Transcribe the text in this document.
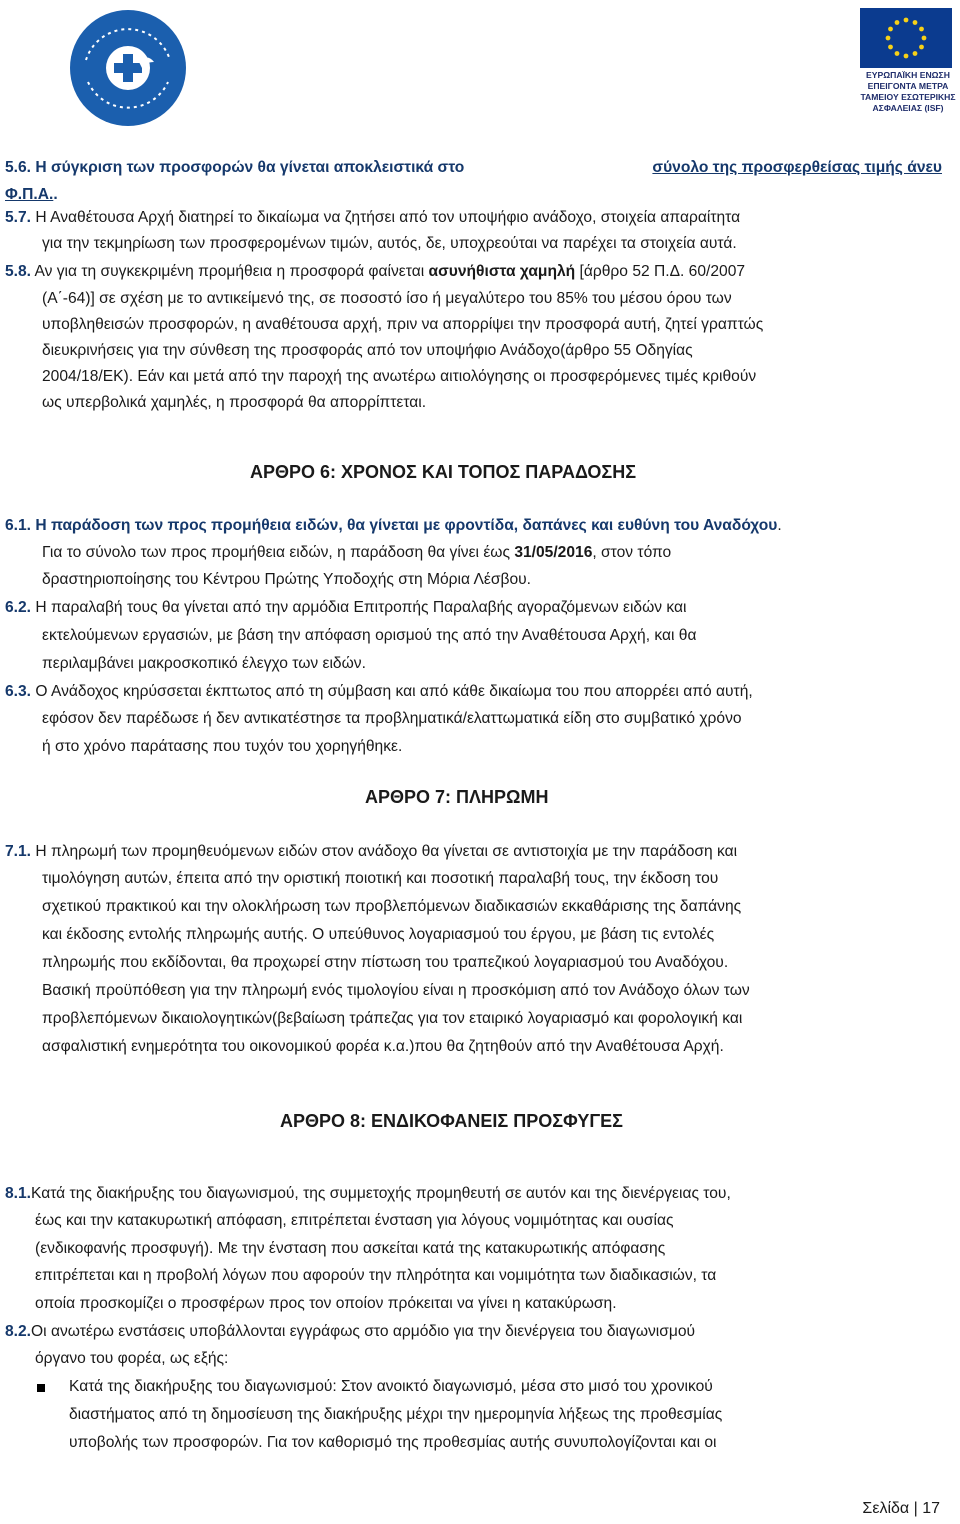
ΕΥΡΩΠΑΪΚΗ ΕΝΩΣΗ
ΕΠΕΙΓΟΝΤΑ ΜΕΤΡΑ
ΤΑΜΕΙΟΥ ΕΣΩΤΕΡΙΚΗΣ
ΑΣΦΑΛΕΙΑΣ (ISF)
5.6. Η σύγκριση των προσφορών θα γίνεται αποκλειστικά στο	σύνολο της προσφερθείσας τιμής άνευ
Φ.Π.Α..
5.7. Η Αναθέτουσα Αρχή διατηρεί το δικαίωμα να ζητήσει από τον υποψήφιο ανάδοχο, στοιχεία απαραίτητα
για την τεκμηρίωση των προσφερομένων τιμών, αυτός, δε, υποχρεούται να παρέχει τα στοιχεία αυτά.
5.8. Αν για τη συγκεκριμένη προμήθεια η προσφορά φαίνεται ασυνήθιστα χαμηλή [άρθρο 52 Π.Δ. 60/2007
(Α΄-64)] σε σχέση με το αντικείμενό της, σε ποσοστό ίσο ή μεγαλύτερο του 85% του μέσου όρου των
υποβληθεισών προσφορών, η αναθέτουσα αρχή, πριν να απορρίψει την προσφορά αυτή, ζητεί γραπτώς
διευκρινήσεις για την σύνθεση της προσφοράς από τον υποψήφιο Ανάδοχο(άρθρο 55 Οδηγίας
2004/18/ΕΚ). Εάν και μετά από την παροχή της ανωτέρω αιτιολόγησης οι προσφερόμενες τιμές κριθούν
ως υπερβολικά χαμηλές, η προσφορά θα απορρίπτεται.
ΑΡΘΡΟ 6: ΧΡΟΝΟΣ ΚΑΙ ΤΟΠΟΣ ΠΑΡΑΔΟΣΗΣ
6.1. Η παράδοση των προς προμήθεια ειδών, θα γίνεται με φροντίδα, δαπάνες και ευθύνη του Αναδόχου.
Για το σύνολο των προς προμήθεια ειδών, η παράδοση θα γίνει έως 31/05/2016, στον τόπο
δραστηριοποίησης του Κέντρου Πρώτης Υποδοχής στη Μόρια Λέσβου.
6.2. Η παραλαβή τους θα γίνεται από την αρμόδια Επιτροπής Παραλαβής αγοραζόμενων ειδών και
εκτελούμενων εργασιών, με βάση την απόφαση ορισμού της από την Αναθέτουσα Αρχή, και θα
περιλαμβάνει μακροσκοπικό έλεγχο των ειδών.
6.3. Ο Ανάδοχος κηρύσσεται έκπτωτος από τη σύμβαση και από κάθε δικαίωμα του που απορρέει από αυτή,
εφόσον δεν παρέδωσε ή δεν αντικατέστησε τα προβληματικά/ελαττωματικά είδη στο συμβατικό χρόνο
ή στο χρόνο παράτασης που τυχόν του χορηγήθηκε.
ΑΡΘΡΟ 7: ΠΛΗΡΩΜΗ
7.1. Η πληρωμή των προμηθευόμενων ειδών στον ανάδοχο θα γίνεται σε αντιστοιχία με την παράδοση και
τιμολόγηση αυτών, έπειτα από την οριστική ποιοτική και ποσοτική παραλαβή τους, την έκδοση του
σχετικού πρακτικού και την ολοκλήρωση των προβλεπόμενων διαδικασιών εκκαθάρισης της δαπάνης
και έκδοσης εντολής πληρωμής αυτής. Ο υπεύθυνος λογαριασμού του έργου, με βάση τις εντολές
πληρωμής που εκδίδονται, θα προχωρεί στην πίστωση του τραπεζικού λογαριασμού του Αναδόχου.
Βασική προϋπόθεση για την πληρωμή ενός τιμολογίου είναι η προσκόμιση από τον Ανάδοχο όλων των
προβλεπόμενων δικαιολογητικών(βεβαίωση τράπεζας για τον εταιρικό λογαριασμό και φορολογική και
ασφαλιστική ενημερότητα του οικονομικού φορέα κ.α.)που θα ζητηθούν από την Αναθέτουσα Αρχή.
ΑΡΘΡΟ 8: ΕΝΔΙΚΟΦΑΝΕΙΣ ΠΡΟΣΦΥΓΕΣ
8.1.Κατά της διακήρυξης του διαγωνισμού, της συμμετοχής προμηθευτή σε αυτόν και της διενέργειας του,
έως και την κατακυρωτική απόφαση, επιτρέπεται ένσταση για λόγους νομιμότητας και ουσίας
(ενδικοφανής προσφυγή). Με την ένσταση που ασκείται κατά της κατακυρωτικής απόφασης
επιτρέπεται και η προβολή λόγων που αφορούν την πληρότητα και νομιμότητα των διαδικασιών, τα
οποία προσκομίζει ο προσφέρων προς τον οποίον πρόκειται να γίνει η κατακύρωση.
8.2.Οι ανωτέρω ενστάσεις υποβάλλονται εγγράφως στο αρμόδιο για την διενέργεια του διαγωνισμού
όργανο του φορέα, ως εξής:
Κατά της διακήρυξης του διαγωνισμού: Στον ανοικτό διαγωνισμό, μέσα στο μισό του χρονικού
διαστήματος από τη δημοσίευση της διακήρυξης μέχρι την ημερομηνία λήξεως της προθεσμίας
υποβολής των προσφορών. Για τον καθορισμό της προθεσμίας αυτής συνυπολογίζονται και οι
Σελίδα | 17
